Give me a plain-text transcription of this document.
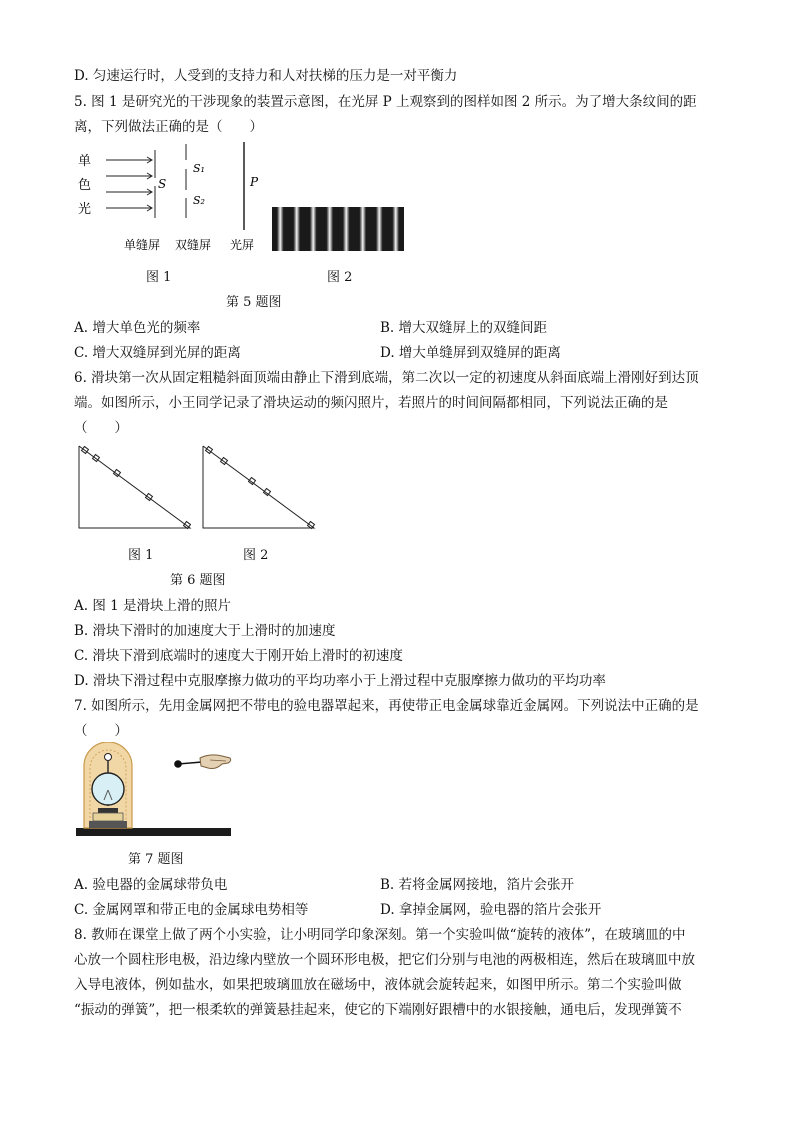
D. 匀速运行时，人受到的支持力和人对扶梯的压力是一对平衡力
5. 图 1 是研究光的干涉现象的装置示意图，在光屏 P 上观察到的图样如图 2 所示。为了增大条纹间的距
离，下列做法正确的是（　　）
单
色
光
S
S₁
S₂
P
单缝屏 双缝屏 光屏
图 1	图 2
第 5 题图
A. 增大单色光的频率	B. 增大双缝屏上的双缝间距
C. 增大双缝屏到光屏的距离	D. 增大单缝屏到双缝屏的距离
6. 滑块第一次从固定粗糙斜面顶端由静止下滑到底端，第二次以一定的初速度从斜面底端上滑刚好到达顶
端。如图所示，小王同学记录了滑块运动的频闪照片，若照片的时间间隔都相同，下列说法正确的是
（　　）
图 1	图 2
第 6 题图
A. 图 1 是滑块上滑的照片
B. 滑块下滑时的加速度大于上滑时的加速度
C. 滑块下滑到底端时的速度大于刚开始上滑时的初速度
D. 滑块下滑过程中克服摩擦力做功的平均功率小于上滑过程中克服摩擦力做功的平均功率
7. 如图所示，先用金属网把不带电的验电器罩起来，再使带正电金属球靠近金属网。下列说法中正确的是
（　　）
第 7 题图
A. 验电器的金属球带负电	B. 若将金属网接地，箔片会张开
C. 金属网罩和带正电的金属球电势相等	D. 拿掉金属网，验电器的箔片会张开
8. 教师在课堂上做了两个小实验，让小明同学印象深刻。第一个实验叫做“旋转的液体”，在玻璃皿的中
心放一个圆柱形电极，沿边缘内壁放一个圆环形电极，把它们分别与电池的两极相连，然后在玻璃皿中放
入导电液体，例如盐水，如果把玻璃皿放在磁场中，液体就会旋转起来，如图甲所示。第二个实验叫做
“振动的弹簧”，把一根柔软的弹簧悬挂起来，使它的下端刚好跟槽中的水银接触，通电后，发现弹簧不
